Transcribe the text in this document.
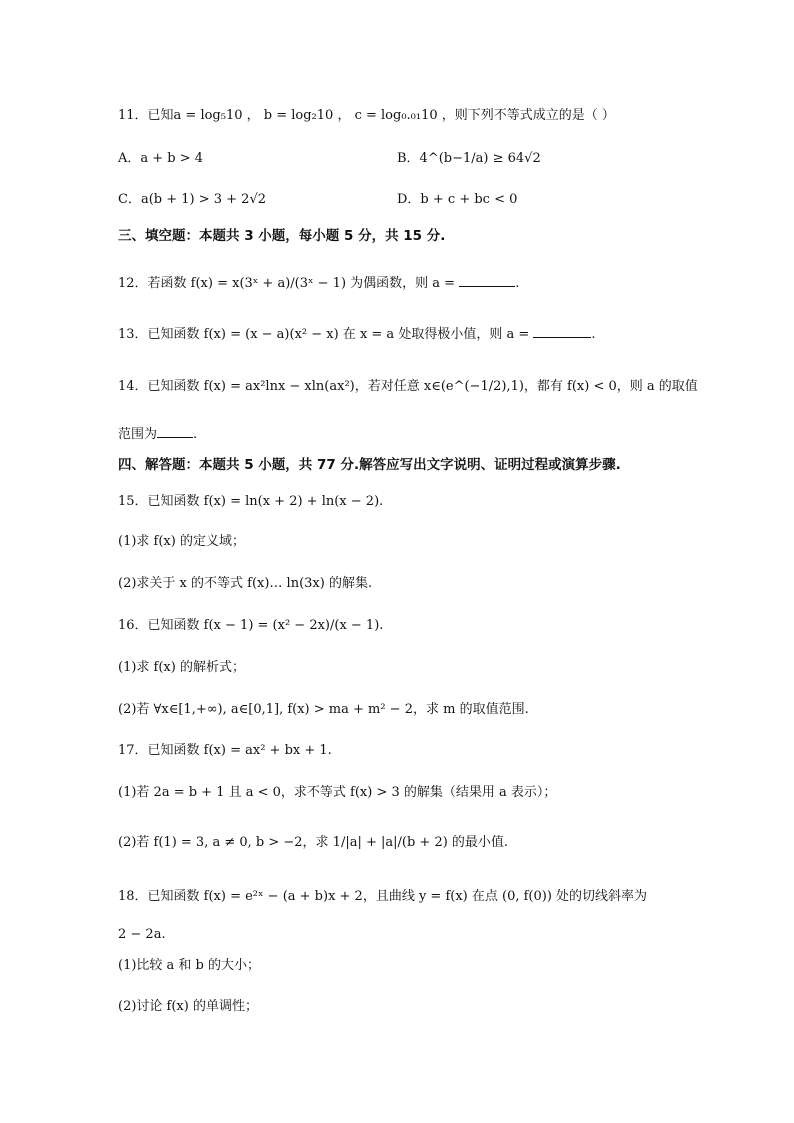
11．已知a = log₅10 ， b = log₂10 ， c = log₀.₀₁10 ，则下列不等式成立的是（ ）
A．a + b > 4	B．4^(b−1/a) ≥ 64√2
C．a(b + 1) > 3 + 2√2	D．b + c + bc < 0
三、填空题：本题共 3 小题，每小题 5 分，共 15 分.
12．若函数 f(x) = x(3ˣ + a)/(3ˣ − 1) 为偶函数，则 a =	.
13．已知函数 f(x) = (x − a)(x² − x) 在 x = a 处取得极小值，则 a =	.
14．已知函数 f(x) = ax²lnx − xln(ax²)，若对任意 x∈(e^(−1/2),1)，都有 f(x) < 0，则 a 的取值
范围为	.
四、解答题：本题共 5 小题，共 77 分.解答应写出文字说明、证明过程或演算步骤.
15．已知函数 f(x) = ln(x + 2) + ln(x − 2).
(1)求 f(x) 的定义域；
(2)求关于 x 的不等式 f(x)… ln(3x) 的解集.
16．已知函数 f(x − 1) = (x² − 2x)/(x − 1).
(1)求 f(x) 的解析式；
(2)若 ∀x∈[1,+∞), a∈[0,1], f(x) > ma + m² − 2，求 m 的取值范围.
17．已知函数 f(x) = ax² + bx + 1.
(1)若 2a = b + 1 且 a < 0，求不等式 f(x) > 3 的解集（结果用 a 表示）；
(2)若 f(1) = 3, a ≠ 0, b > −2，求 1/|a| + |a|/(b + 2) 的最小值.
18．已知函数 f(x) = e²ˣ − (a + b)x + 2，且曲线 y = f(x) 在点 (0, f(0)) 处的切线斜率为
2 − 2a.
(1)比较 a 和 b 的大小；
(2)讨论 f(x) 的单调性；
